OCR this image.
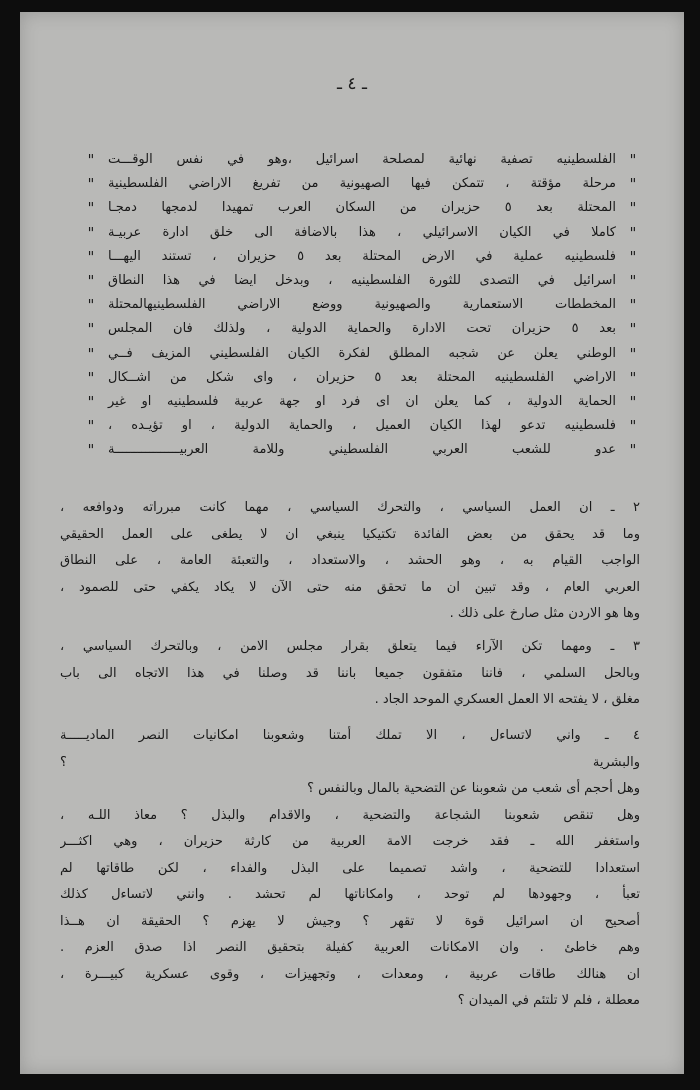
ـ ٤ ـ
"
الفلسطينيه تصفية نهائية لمصلحة اسرائيل ،وهو في نفس الوقـــت
"
"
مرحلة مؤقتة ، تتمكن فيها الصهيونية من تفريغ الاراضي الفلسطينية
"
"
المحتلة بعد ٥ حزيران من السكان العرب تمهيدا لدمجها دمجـا
"
"
كاملا في الكيان الاسرائيلي ، هذا بالاضافة الى خلق ادارة عربيـة
"
"
فلسطينيه عملية في الارض المحتلة بعد ٥ حزيران ، تستند اليهـــا
"
"
اسرائيل في التصدى للثورة الفلسطينيه ، وبدخل ايضا في هذا النطاق
"
"
المخططات الاستعمارية والصهيونية ووضع الاراضي الفلسطينيهالمحتلة
"
"
بعد ٥ حزيران تحت الادارة والحماية الدولية ، ولذلك فان المجلس
"
"
الوطني يعلن عن شجبه المطلق لفكرة الكيان الفلسطيني المزيف فــي
"
"
الاراضي الفلسطينيه المحتلة بعد ٥ حزيران ، واى شكل من اشــكال
"
"
الحماية الدولية ، كما يعلن ان اى فرد او جهة عربية فلسطينيه او غير
"
"
فلسطينيه تدعو لهذا الكيان العميل ، والحماية الدولية ، او تؤيـده ،
"
"
عدو للشعب العربي الفلسطيني وللامة العربيـــــــــــــــــة
"
٢ ـ ان العمل السياسي ، والتحرك السياسي ، مهما كانت مبرراته ودوافعه ،
وما قد يحقق من بعض الفائدة تكتيكيا ينبغي ان لا يطغى على العمل الحقيقي
الواجب القيام به ، وهو الحشد ، والاستعداد ، والتعبئة العامة ، على النطاق
العربي العام ، وقد تبين ان ما تحقق منه حتى الآن لا يكاد يكفي حتى للصمود ،
وها هو الاردن مثل صارخ على ذلك .
٣ ـ ومهما تكن الآراء فيما يتعلق بقرار مجلس الامن ، وبالتحرك السياسي ،
وبالحل السلمي ، فاننا متفقون جميعا باننا قد وصلنا في هذا الاتجاه الى باب
مغلق ، لا يفتحه الا العمل العسكري الموحد الجاد .
٤ ـ واني لاتساءل ، الا تملك أمتنا وشعوبنا امكانيات النصر الماديـــــة
والبشرية ؟
وهل أحجم أى شعب من شعوبنا عن التضحية بالمال وبالنفس ؟
وهل تنقص شعوبنا الشجاعة والتضحية ، والاقدام والبذل ؟ معاذ اللـه ،
واستغفر الله ـ فقد خرجت الامة العربية من كارثة حزيران ، وهي اكثـــر
استعدادا للتضحية ، واشد تصميما على البذل والفداء ، لكن طاقاتها لم
تعبأ ، وجهودها لم توحد ، وامكاناتها لم تحشد . وانني لاتساءل كذلك
أصحيح ان اسرائيل قوة لا تقهر ؟ وجيش لا يهزم ؟ الحقيقة ان هــذا
وهم خاطئ . وان الامكانات العربية كفيلة بتحقيق النصر اذا صدق العزم .
ان هنالك طاقات عربية ، ومعدات ، وتجهيزات ، وقوى عسكرية كبيـــرة ،
معطلة ، فلم لا تلتئم في الميدان ؟
